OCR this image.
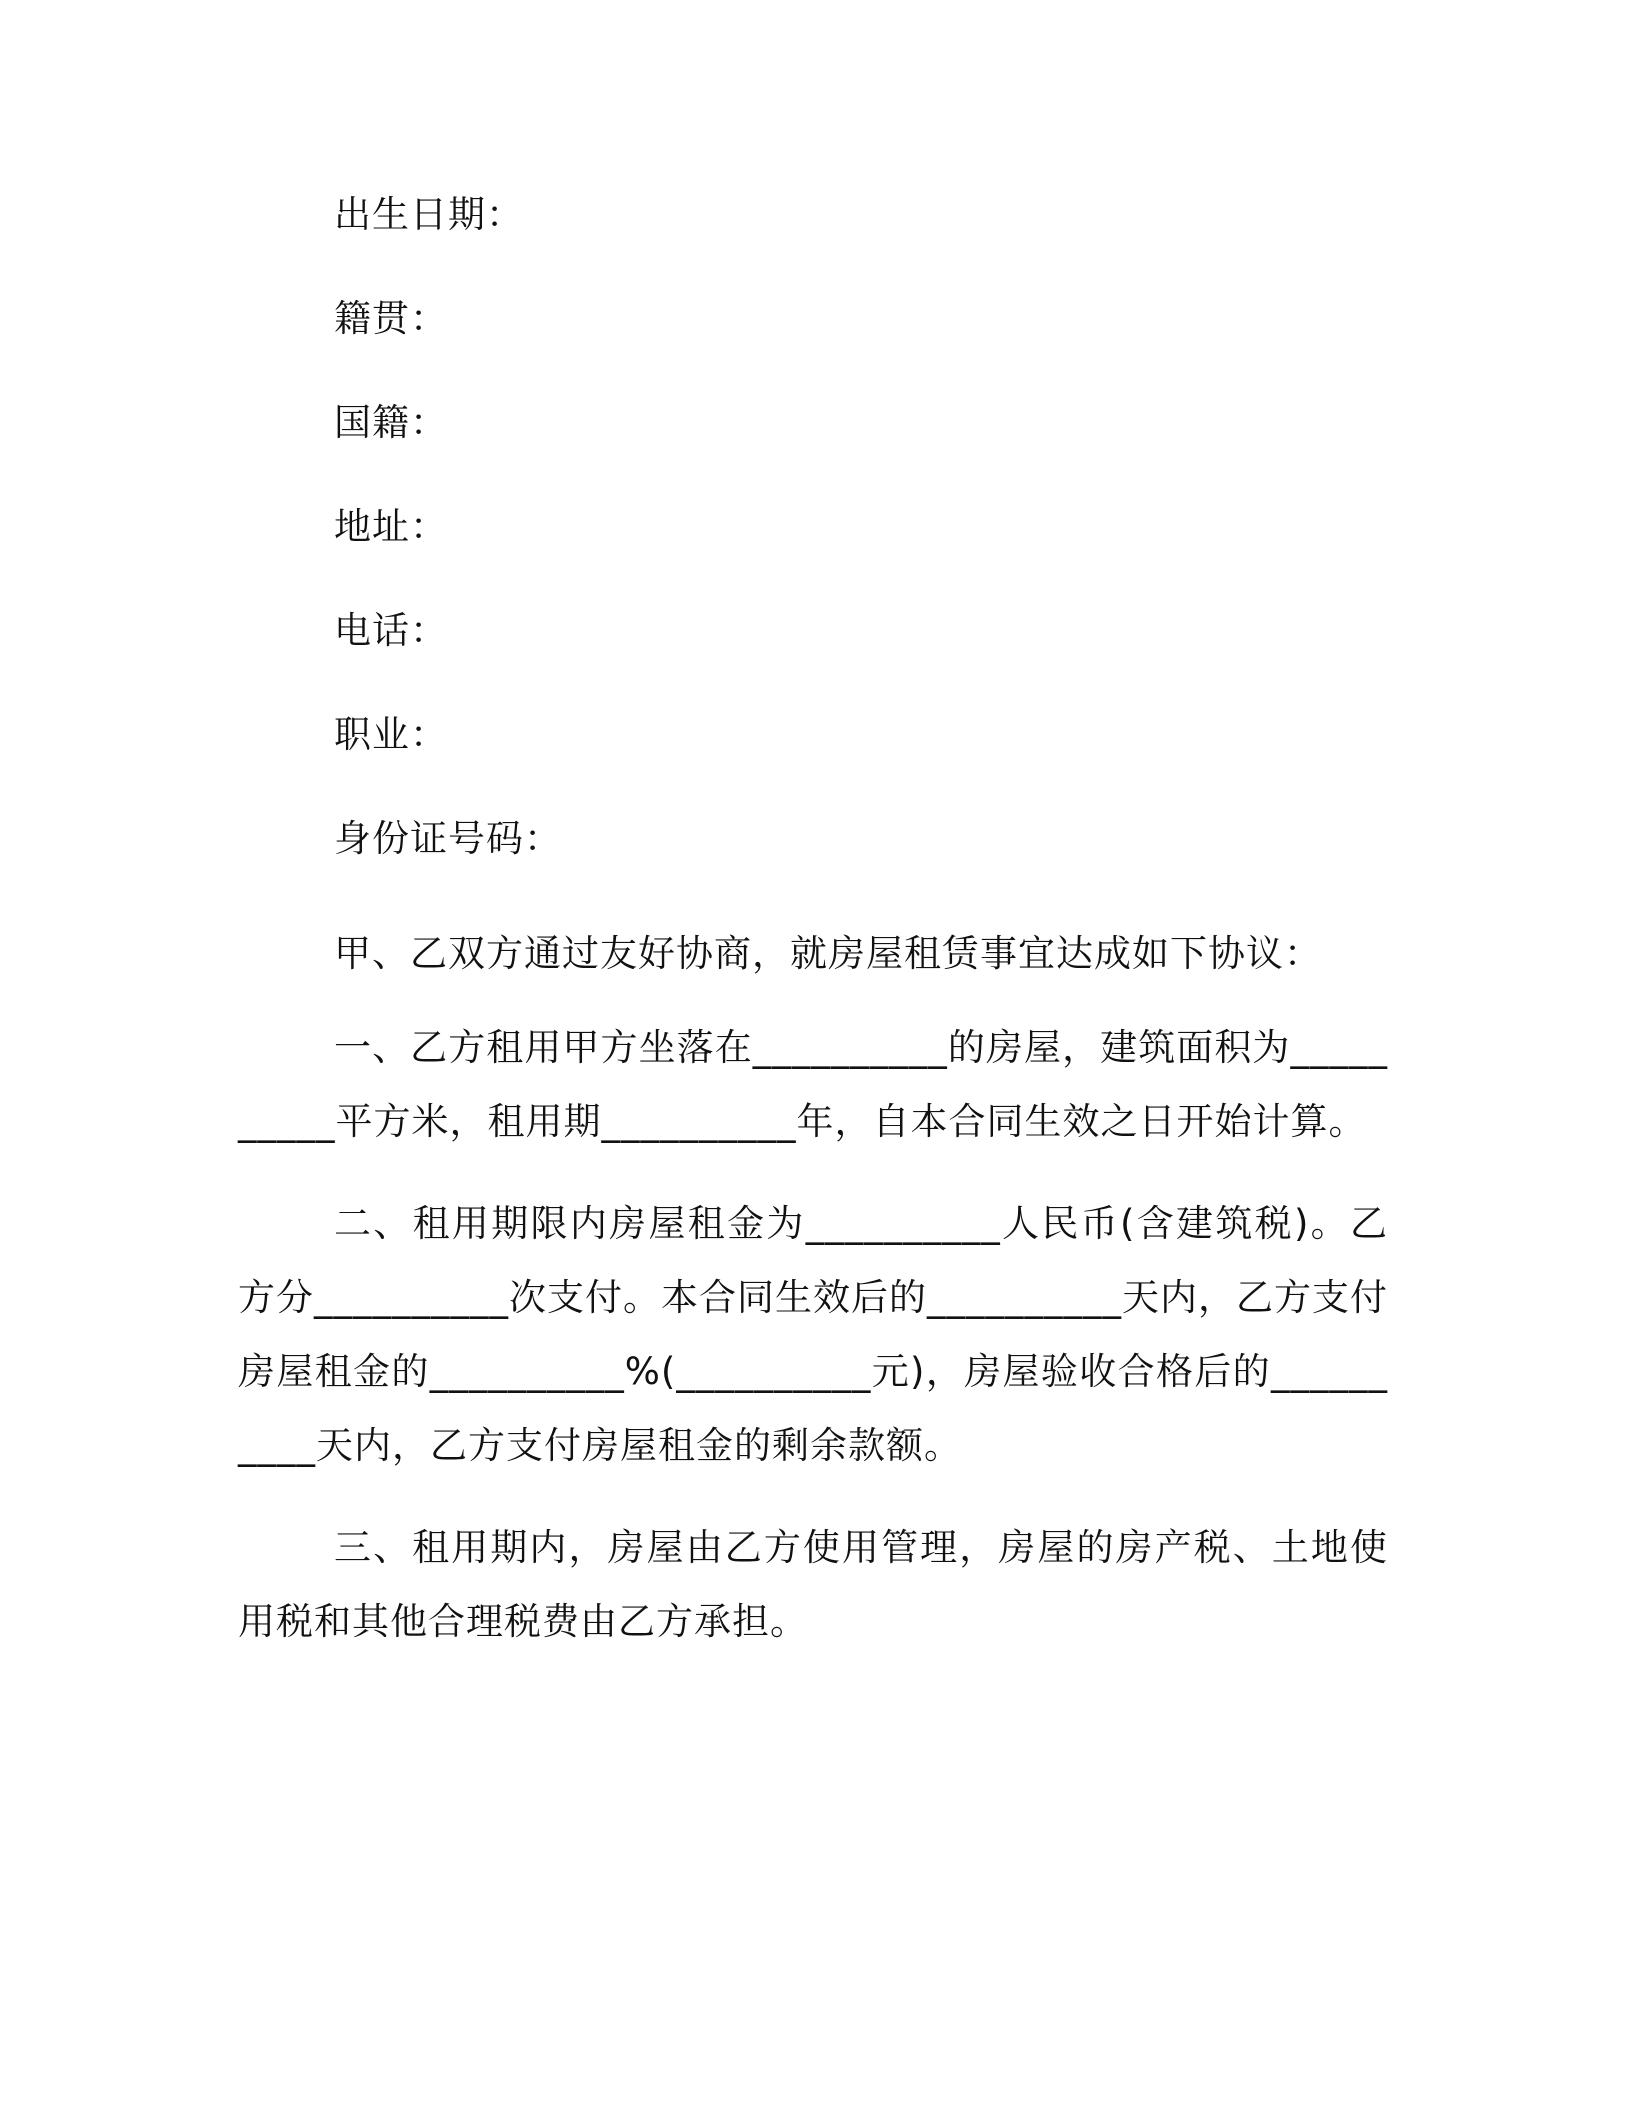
出生日期：
籍贯：
国籍：
地址：
电话：
职业：
身份证号码：

甲、乙双方通过友好协商，就房屋租赁事宜达成如下协议：

一、乙方租用甲方坐落在__________的房屋，建筑面积为__________平方米，租用期__________年，自本合同生效之日开始计算。

二、租用期限内房屋租金为__________人民币(含建筑税)。乙方分__________次支付。本合同生效后的__________天内，乙方支付房屋租金的__________%(__________元)，房屋验收合格后的__________天内，乙方支付房屋租金的剩余款额。

三、租用期内，房屋由乙方使用管理，房屋的房产税、土地使用税和其他合理税费由乙方承担。
